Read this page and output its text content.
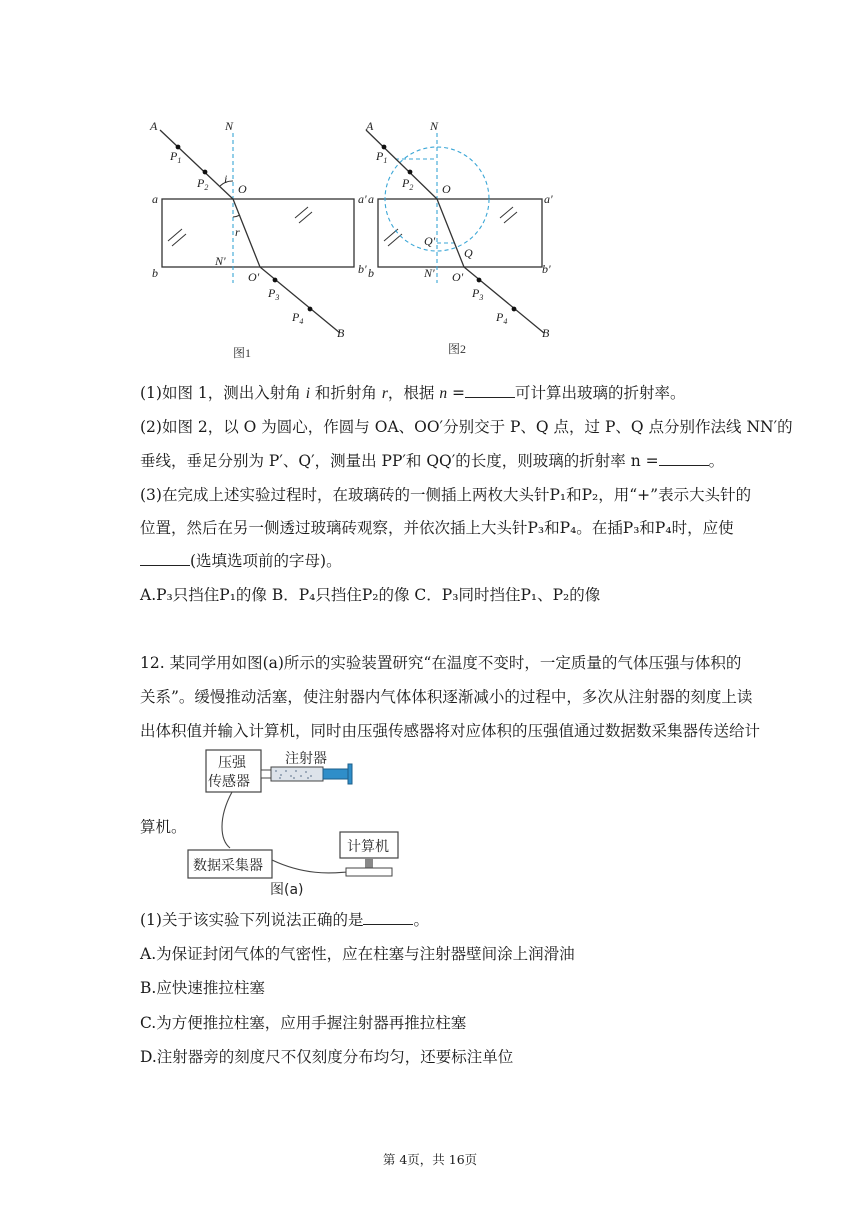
A	N
$P_1$
$P_2$
i
O
a	a'
r
b	b'
N'
O'
$P_3$
$P_4$
B
图1
A	N
$P_1$
$P_2$ O
a	a'
Q'
Q
b	b'
N' O'
$P_3$
$P_4$
B
图2
(1)如图 1，测出入射角 i 和折射角 r，根据 n =	可计算出玻璃的折射率。
(2)如图 2，以 O 为圆心，作圆与 OA、OO′分别交于 P、Q 点，过 P、Q 点分别作法线 NN′的
垂线，垂足分别为 P′、Q′，测量出 PP′和 QQ′的长度，则玻璃的折射率 n =	。
(3)在完成上述实验过程时，在玻璃砖的一侧插上两枚大头针P₁和P₂，用“+”表示大头针的
位置，然后在另一侧透过玻璃砖观察，并依次插上大头针P₃和P₄。在插P₃和P₄时，应使
(选填选项前的字母)。
A.P₃只挡住P₁的像 B．P₄只挡住P₂的像 C．P₃同时挡住P₁、P₂的像
12. 某同学用如图(a)所示的实验装置研究“在温度不变时，一定质量的气体压强与体积的
关系”。缓慢推动活塞，使注射器内气体体积逐渐减小的过程中，多次从注射器的刻度上读
出体积值并输入计算机，同时由压强传感器将对应体积的压强值通过数据数采集器传送给计
压强
传感器
注射器
数据采集器
计算机
图(a)
算机。
(1)关于该实验下列说法正确的是	。
A.为保证封闭气体的气密性，应在柱塞与注射器壁间涂上润滑油
B.应快速推拉柱塞
C.为方便推拉柱塞，应用手握注射器再推拉柱塞
D.注射器旁的刻度尺不仅刻度分布均匀，还要标注单位
第 4页，共 16页
